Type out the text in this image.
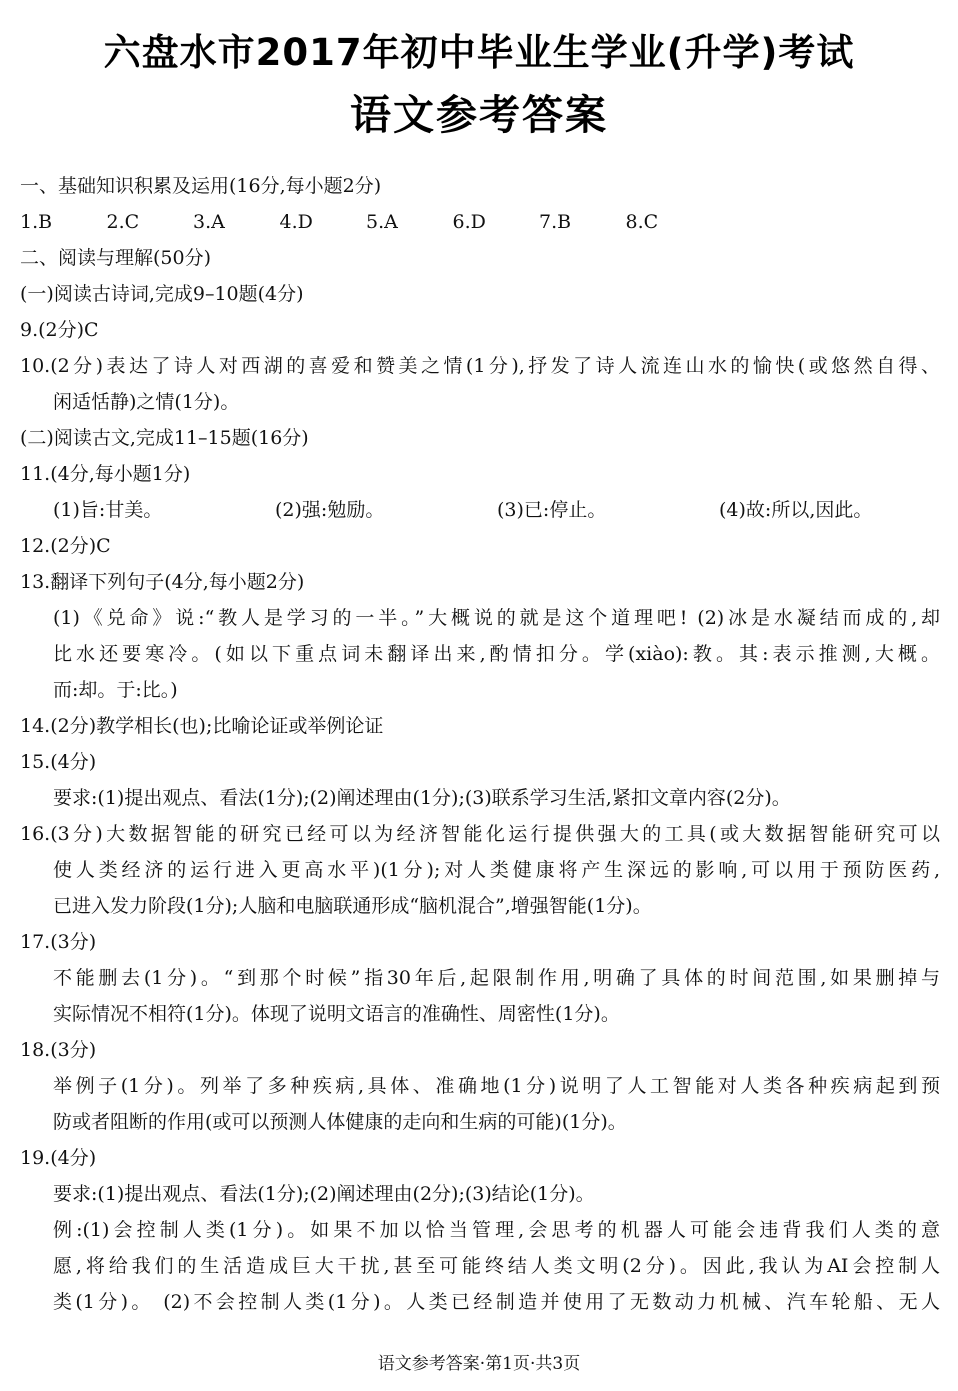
六盘水市2017年初中毕业生学业(升学)考试
语文参考答案
一、基础知识积累及运用(16分,每小题2分)
1.B	2.C	3.A	4.D	5.A	6.D	7.B	8.C
二、阅读与理解(50分)
(一)阅读古诗词,完成9–10题(4分)
9.(2分)C
10.(2分)表达了诗人对西湖的喜爱和赞美之情(1分),抒发了诗人流连山水的愉快(或悠然自得、
闲适恬静)之情(1分)。
(二)阅读古文,完成11–15题(16分)
11.(4分,每小题1分)
(1)旨:甘美。	(2)强:勉励。	(3)已:停止。	(4)故:所以,因此。
12.(2分)C
13.翻译下列句子(4分,每小题2分)
(1)《兑命》说:“教人是学习的一半。”大概说的就是这个道理吧! (2)冰是水凝结而成的,却
比水还要寒冷。(如以下重点词未翻译出来,酌情扣分。学(xiào):教。其:表示推测,大概。
而:却。于:比。)
14.(2分)教学相长(也);比喻论证或举例论证
15.(4分)
要求:(1)提出观点、看法(1分);(2)阐述理由(1分);(3)联系学习生活,紧扣文章内容(2分)。
16.(3分)大数据智能的研究已经可以为经济智能化运行提供强大的工具(或大数据智能研究可以
使人类经济的运行进入更高水平)(1分);对人类健康将产生深远的影响,可以用于预防医药,
已进入发力阶段(1分);人脑和电脑联通形成“脑机混合”,增强智能(1分)。
17.(3分)
不能删去(1分)。“到那个时候”指30年后,起限制作用,明确了具体的时间范围,如果删掉与
实际情况不相符(1分)。体现了说明文语言的准确性、周密性(1分)。
18.(3分)
举例子(1分)。列举了多种疾病,具体、准确地(1分)说明了人工智能对人类各种疾病起到预
防或者阻断的作用(或可以预测人体健康的走向和生病的可能)(1分)。
19.(4分)
要求:(1)提出观点、看法(1分);(2)阐述理由(2分);(3)结论(1分)。
例:(1)会控制人类(1分)。如果不加以恰当管理,会思考的机器人可能会违背我们人类的意
愿,将给我们的生活造成巨大干扰,甚至可能终结人类文明(2分)。因此,我认为AI会控制人
类(1分)。 (2)不会控制人类(1分)。人类已经制造并使用了无数动力机械、汽车轮船、无人
语文参考答案·第1页·共3页
